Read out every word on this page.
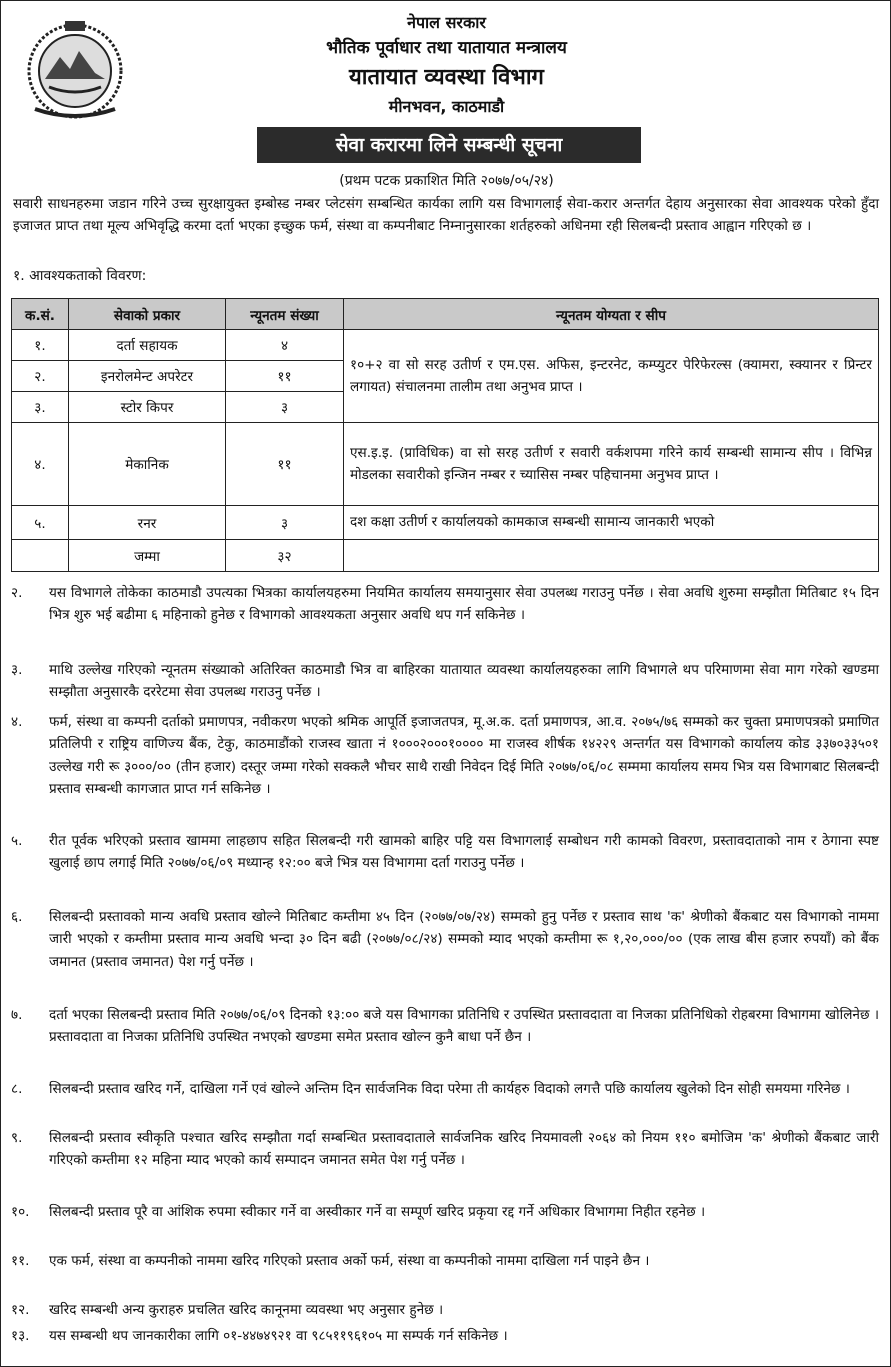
नेपाल सरकार
भौतिक पूर्वाधार तथा यातायात मन्त्रालय
यातायात व्यवस्था विभाग
मीनभवन, काठमाडौ
सेवा करारमा लिने सम्बन्धी सूचना
(प्रथम पटक प्रकाशित मिति २०७७/०५/२४)

सवारी साधनहरुमा जडान गरिने उच्च सुरक्षायुक्त इम्बोस्ड नम्बर प्लेटसंग सम्बन्धित कार्यका लागि यस विभागलाई सेवा-करार अन्तर्गत देहाय अनुसारका सेवा आवश्यक परेको हुँदा इजाजत प्राप्त तथा मूल्य अभिवृद्धि करमा दर्ता भएका इच्छुक फर्म, संस्था वा कम्पनीबाट निम्नानुसारका शर्तहरुको अधिनमा रही सिलबन्दी प्रस्ताव आह्वान गरिएको छ ।

१. आवश्यकताको विवरण:
क.सं.	सेवाको प्रकार	न्यूनतम संख्या	न्यूनतम योग्यता र सीप
१.	दर्ता सहायक	४	१०+२ वा सो सरह उतीर्ण र एम.एस. अफिस, इन्टरनेट, कम्प्युटर पेरिफेरल्स (क्यामरा, स्क्यानर र प्रिन्टर लगायत) संचालनमा तालीम तथा अनुभव प्राप्त ।
२.	इनरोलमेन्ट अपरेटर	११	
३.	स्टोर किपर	३	
४.	मेकानिक	११	एस.इ.इ. (प्राविधिक) वा सो सरह उतीर्ण र सवारी वर्कशपमा गरिने कार्य सम्बन्धी सामान्य सीप । विभिन्न मोडलका सवारीको इन्जिन नम्बर र च्यासिस नम्बर पहिचानमा अनुभव प्राप्त ।
५.	रनर	३	दश कक्षा उतीर्ण र कार्यालयको कामकाज सम्बन्धी सामान्य जानकारी भएको
	जम्मा	३२	
२.	यस विभागले तोकेका काठमाडौ उपत्यका भित्रका कार्यालयहरुमा नियमित कार्यालय समयानुसार सेवा उपलब्ध गराउनु पर्नेछ । सेवा अवधि शुरुमा सम्झौता मितिबाट १५ दिन भित्र शुरु भई बढीमा ६ महिनाको हुनेछ र विभागको आवश्यकता अनुसार अवधि थप गर्न सकिनेछ ।
३.	माथि उल्लेख गरिएको न्यूनतम संख्याको अतिरिक्त काठमाडौ भित्र वा बाहिरका यातायात व्यवस्था कार्यालयहरुका लागि विभागले थप परिमाणमा सेवा माग गरेको खण्डमा सम्झौता अनुसारकै दररेटमा सेवा उपलब्ध गराउनु पर्नेछ ।
४.	फर्म, संस्था वा कम्पनी दर्ताको प्रमाणपत्र, नवीकरण भएको श्रमिक आपूर्ति इजाजतपत्र, मू.अ.क. दर्ता प्रमाणपत्र, आ.व. २०७५/७६ सम्मको कर चुक्ता प्रमाणपत्रको प्रमाणित प्रतिलिपी र राष्ट्रिय वाणिज्य बैंक, टेकु, काठमाडौंको राजस्व खाता नं १०००२०००१०००० मा राजस्व शीर्षक १४२२९ अन्तर्गत यस विभागको कार्यालय कोड ३३७०३३५०१ उल्लेख गरी रू ३०००/०० (तीन हजार) दस्तूर जम्मा गरेको सक्कलै भौचर साथै राखी निवेदन दिई मिति २०७७/०६/०८ सम्ममा कार्यालय समय भित्र यस विभागबाट सिलबन्दी प्रस्ताव सम्बन्धी कागजात प्राप्त गर्न सकिनेछ ।
५.	रीत पूर्वक भरिएको प्रस्ताव खाममा लाहछाप सहित सिलबन्दी गरी खामको बाहिर पट्टि यस विभागलाई सम्बोधन गरी कामको विवरण, प्रस्तावदाताको नाम र ठेगाना स्पष्ट खुलाई छाप लगाई मिति २०७७/०६/०९ मध्यान्ह १२:०० बजे भित्र यस विभागमा दर्ता गराउनु पर्नेछ ।
६.	सिलबन्दी प्रस्तावको मान्य अवधि प्रस्ताव खोल्ने मितिबाट कम्तीमा ४५ दिन (२०७७/०७/२४) सम्मको हुनु पर्नेछ र प्रस्ताव साथ 'क' श्रेणीको बैंकबाट यस विभागको नाममा जारी भएको र कम्तीमा प्रस्ताव मान्य अवधि भन्दा ३० दिन बढी (२०७७/०८/२४) सम्मको म्याद भएको कम्तीमा रू १,२०,०००/०० (एक लाख बीस हजार रुपयाँ) को बैंक जमानत (प्रस्ताव जमानत) पेश गर्नु पर्नेछ ।
७.	दर्ता भएका सिलबन्दी प्रस्ताव मिति २०७७/०६/०९ दिनको १३:०० बजे यस विभागका प्रतिनिधि र उपस्थित प्रस्तावदाता वा निजका प्रतिनिधिको रोहबरमा विभागमा खोलिनेछ । प्रस्तावदाता वा निजका प्रतिनिधि उपस्थित नभएको खण्डमा समेत प्रस्ताव खोल्न कुनै बाधा पर्ने छैन ।
८.	सिलबन्दी प्रस्ताव खरिद गर्ने, दाखिला गर्ने एवं खोल्ने अन्तिम दिन सार्वजनिक विदा परेमा ती कार्यहरु विदाको लगत्तै पछि कार्यालय खुलेको दिन सोही समयमा गरिनेछ ।
९.	सिलबन्दी प्रस्ताव स्वीकृति पश्चात खरिद सम्झौता गर्दा सम्बन्धित प्रस्तावदाताले सार्वजनिक खरिद नियमावली २०६४ को नियम ११० बमोजिम 'क' श्रेणीको बैंकबाट जारी गरिएको कम्तीमा १२ महिना म्याद भएको कार्य सम्पादन जमानत समेत पेश गर्नु पर्नेछ ।
१०.	सिलबन्दी प्रस्ताव पूरै वा आंशिक रुपमा स्वीकार गर्ने वा अस्वीकार गर्ने वा सम्पूर्ण खरिद प्रकृया रद्द गर्ने अधिकार विभागमा निहीत रहनेछ ।
११.	एक फर्म, संस्था वा कम्पनीको नाममा खरिद गरिएको प्रस्ताव अर्को फर्म, संस्था वा कम्पनीको नाममा दाखिला गर्न पाइने छैन ।
१२.	खरिद सम्बन्धी अन्य कुराहरु प्रचलित खरिद कानूनमा व्यवस्था भए अनुसार हुनेछ ।
१३.	यस सम्बन्धी थप जानकारीका लागि ०१-४४७४९२१ वा ९८५११९६१०५ मा सम्पर्क गर्न सकिनेछ ।
